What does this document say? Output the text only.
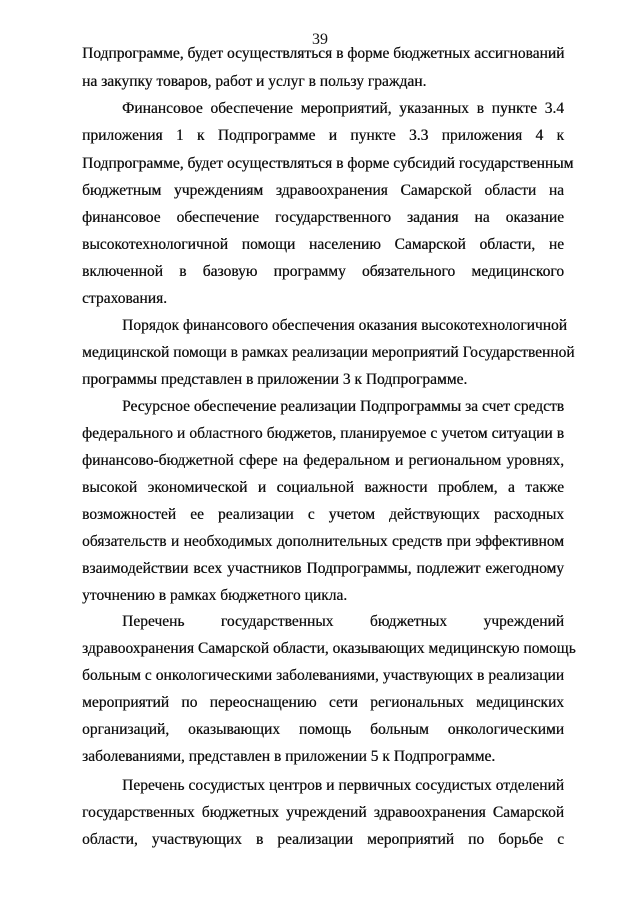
39
Подпрограмме, будет осуществляться в форме бюджетных ассигнований
на закупку товаров, работ и услуг в пользу граждан.
Финансовое обеспечение мероприятий, указанных в пункте 3.4
приложения 1 к Подпрограмме и пункте 3.3 приложения 4 к
Подпрограмме, будет осуществляться в форме субсидий государственным
бюджетным учреждениям здравоохранения Самарской области на
финансовое обеспечение государственного задания на оказание
высокотехнологичной помощи населению Самарской области, не
включенной в базовую программу обязательного медицинского
страхования.
Порядок финансового обеспечения оказания высокотехнологичной
медицинской помощи в рамках реализации мероприятий Государственной
программы представлен в приложении 3 к Подпрограмме.
Ресурсное обеспечение реализации Подпрограммы за счет средств
федерального и областного бюджетов, планируемое с учетом ситуации в
финансово-бюджетной сфере на федеральном и региональном уровнях,
высокой экономической и социальной важности проблем, а также
возможностей ее реализации с учетом действующих расходных
обязательств и необходимых дополнительных средств при эффективном
взаимодействии всех участников Подпрограммы, подлежит ежегодному
уточнению в рамках бюджетного цикла.
Перечень государственных бюджетных учреждений
здравоохранения Самарской области, оказывающих медицинскую помощь
больным с онкологическими заболеваниями, участвующих в реализации
мероприятий по переоснащению сети региональных медицинских
организаций, оказывающих помощь больным онкологическими
заболеваниями, представлен в приложении 5 к Подпрограмме.
Перечень сосудистых центров и первичных сосудистых отделений
государственных бюджетных учреждений здравоохранения Самарской
области, участвующих в реализации мероприятий по борьбе с
